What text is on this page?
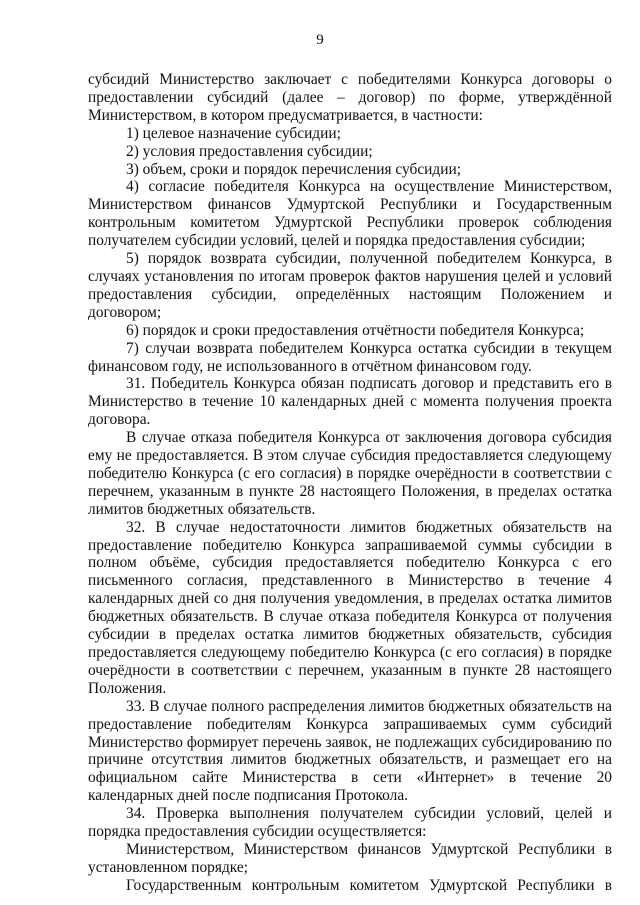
9

субсидий Министерство заключает с победителями Конкурса договоры о предоставлении субсидий (далее – договор) по форме, утверждённой Министерством, в котором предусматривается, в частности:

1) целевое назначение субсидии;

2) условия предоставления субсидии;

3) объем, сроки и порядок перечисления субсидии;

4) согласие победителя Конкурса на осуществление Министерством, Министерством финансов Удмуртской Республики и Государственным контрольным комитетом Удмуртской Республики проверок соблюдения получателем субсидии условий, целей и порядка предоставления субсидии;

5) порядок возврата субсидии, полученной победителем Конкурса, в случаях установления по итогам проверок фактов нарушения целей и условий предоставления субсидии, определённых настоящим Положением и договором;

6) порядок и сроки предоставления отчётности победителя Конкурса;

7) случаи возврата победителем Конкурса остатка субсидии в текущем финансовом году, не использованного в отчётном финансовом году.

31. Победитель Конкурса обязан подписать договор и представить его в Министерство в течение 10 календарных дней с момента получения проекта договора.

В случае отказа победителя Конкурса от заключения договора субсидия ему не предоставляется. В этом случае субсидия предоставляется следующему победителю Конкурса (с его согласия) в порядке очерёдности в соответствии с перечнем, указанным в пункте 28 настоящего Положения, в пределах остатка лимитов бюджетных обязательств.

32. В случае недостаточности лимитов бюджетных обязательств на предоставление победителю Конкурса запрашиваемой суммы субсидии в полном объёме, субсидия предоставляется победителю Конкурса с его письменного согласия, представленного в Министерство в течение 4 календарных дней со дня получения уведомления, в пределах остатка лимитов бюджетных обязательств. В случае отказа победителя Конкурса от получения субсидии в пределах остатка лимитов бюджетных обязательств, субсидия предоставляется следующему победителю Конкурса (с его согласия) в порядке очерёдности в соответствии с перечнем, указанным в пункте 28 настоящего Положения.

33. В случае полного распределения лимитов бюджетных обязательств на предоставление победителям Конкурса запрашиваемых сумм субсидий Министерство формирует перечень заявок, не подлежащих субсидированию по причине отсутствия лимитов бюджетных обязательств, и размещает его на официальном сайте Министерства в сети «Интернет» в течение 20 календарных дней после подписания Протокола.

34. Проверка выполнения получателем субсидии условий, целей и порядка предоставления субсидии осуществляется:

Министерством, Министерством финансов Удмуртской Республики в установленном порядке;

Государственным контрольным комитетом Удмуртской Республики в
